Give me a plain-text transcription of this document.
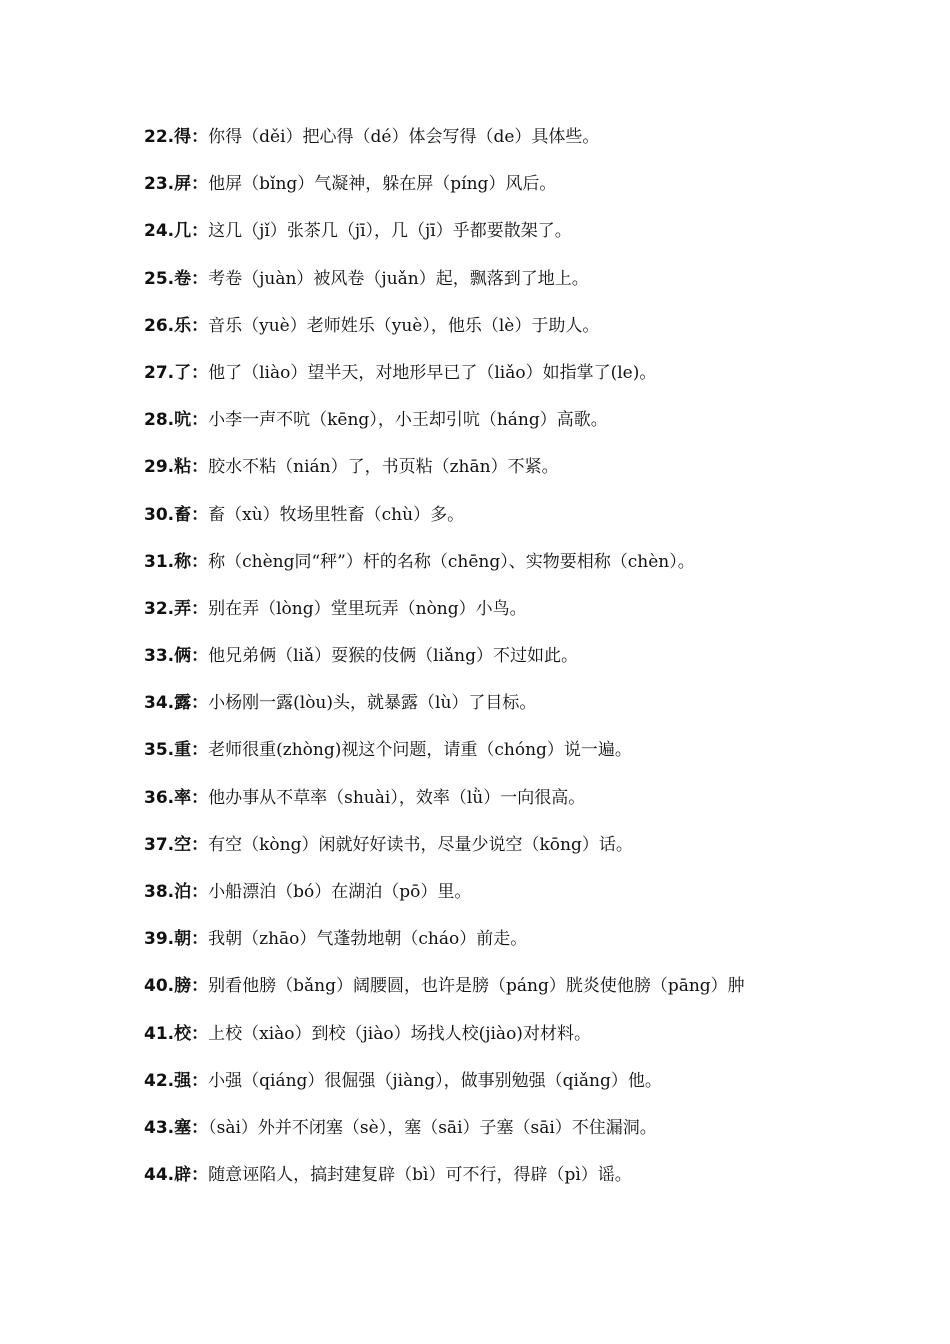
22.得：你得（děi）把心得（dé）体会写得（de）具体些。
23.屏：他屏（bǐng）气凝神，躲在屏（píng）风后。
24.几：这几（jǐ）张茶几（jī），几（jī）乎都要散架了。
25.卷：考卷（juàn）被风卷（juǎn）起，飘落到了地上。
26.乐：音乐（yuè）老师姓乐（yuè），他乐（lè）于助人。
27.了：他了（liào）望半天，对地形早已了（liǎo）如指掌了(le)。
28.吭：小李一声不吭（kēng），小王却引吭（háng）高歌。
29.粘：胶水不粘（nián）了，书页粘（zhān）不紧。
30.畜：畜（xù）牧场里牲畜（chù）多。
31.称：称（chèng同“秤”）杆的名称（chēng）、实物要相称（chèn）。
32.弄：别在弄（lòng）堂里玩弄（nòng）小鸟。
33.俩：他兄弟俩（liǎ）耍猴的伎俩（liǎng）不过如此。
34.露：小杨刚一露(lòu)头，就暴露（lù）了目标。
35.重：老师很重(zhòng)视这个问题，请重（chóng）说一遍。
36.率：他办事从不草率（shuài），效率（lǜ）一向很高。
37.空：有空（kòng）闲就好好读书，尽量少说空（kōng）话。
38.泊：小船漂泊（bó）在湖泊（pō）里。
39.朝：我朝（zhāo）气蓬勃地朝（cháo）前走。
40.膀：别看他膀（bǎng）阔腰圆，也许是膀（páng）胱炎使他膀（pāng）肿
41.校：上校（xiào）到校（jiào）场找人校(jiào)对材料。
42.强：小强（qiáng）很倔强（jiàng），做事别勉强（qiǎng）他。
43.塞：（sài）外并不闭塞（sè），塞（sāi）子塞（sāi）不住漏洞。
44.辟：随意诬陷人，搞封建复辟（bì）可不行，得辟（pì）谣。
